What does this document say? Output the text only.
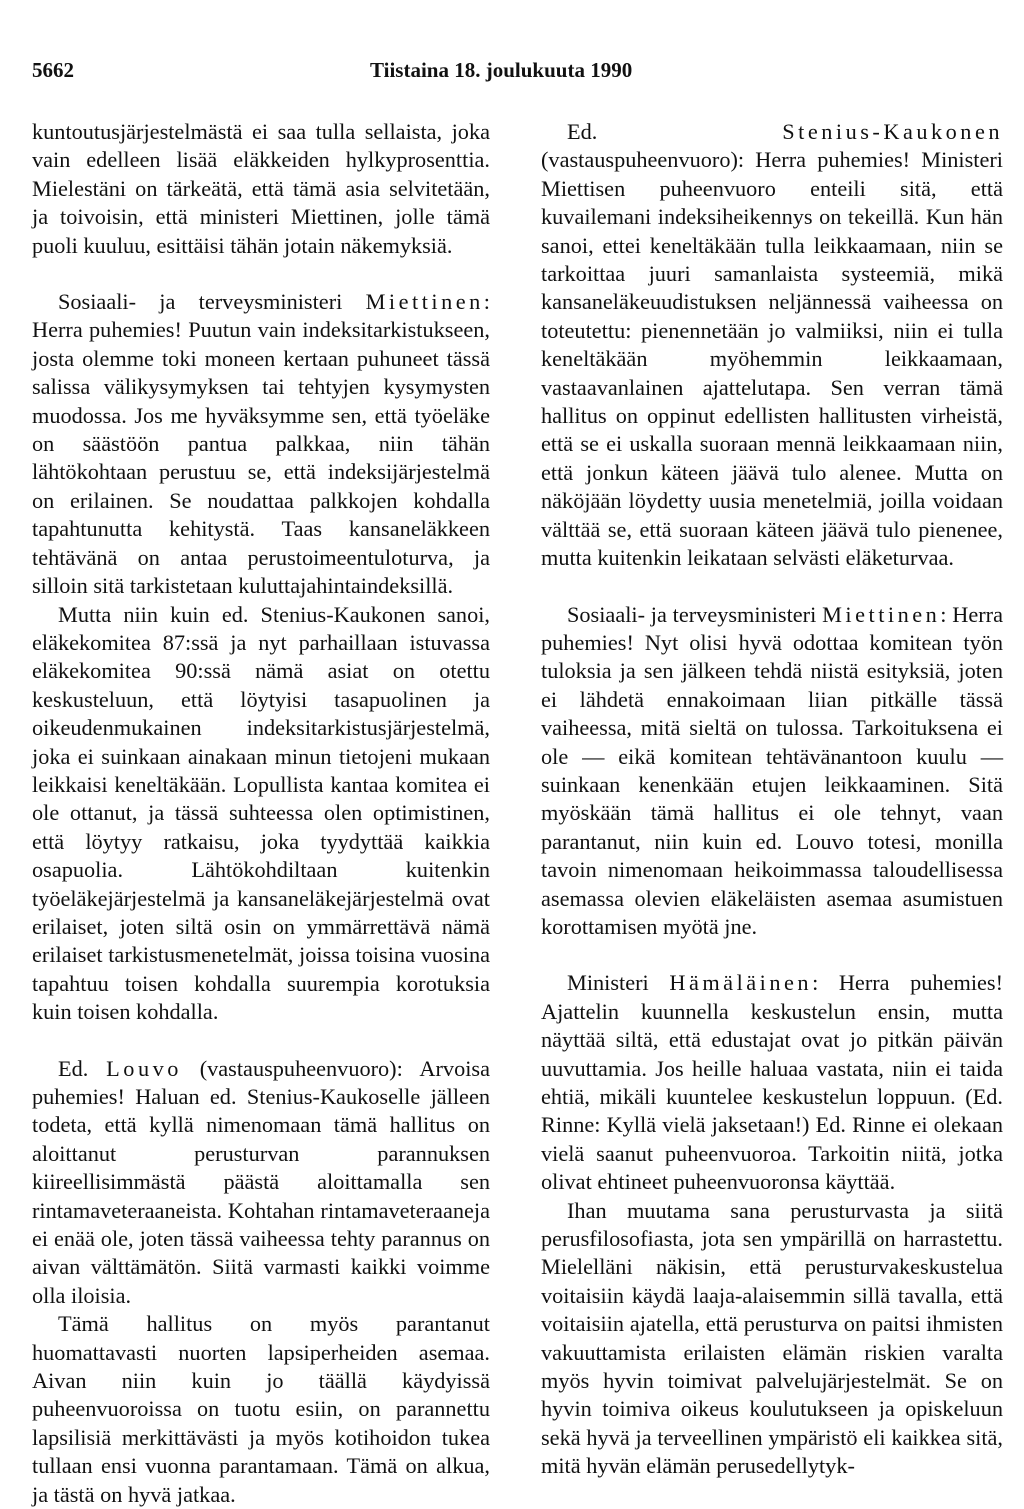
5662	Tiistaina 18. joulukuuta 1990

kuntoutusjärjestelmästä ei saa tulla sellaista, joka vain edelleen lisää eläkkeiden hylkyprosenttia. Mielestäni on tärkeätä, että tämä asia selvitetään, ja toivoisin, että ministeri Miettinen, jolle tämä puoli kuuluu, esittäisi tähän jotain näkemyksiä.

Sosiaali- ja terveysministeri Miettinen: Herra puhemies! Puutun vain indeksitarkistukseen, josta olemme toki moneen kertaan puhuneet tässä salissa välikysymyksen tai tehtyjen kysymysten muodossa. Jos me hyväksymme sen, että työeläke on säästöön pantua palkkaa, niin tähän lähtökohtaan perustuu se, että indeksijärjestelmä on erilainen. Se noudattaa palkkojen kohdalla tapahtunutta kehitystä. Taas kansaneläkkeen tehtävänä on antaa perustoimeentuloturva, ja silloin sitä tarkistetaan kuluttajahintaindeksillä.

Mutta niin kuin ed. Stenius-Kaukonen sanoi, eläkekomitea 87:ssä ja nyt parhaillaan istuvassa eläkekomitea 90:ssä nämä asiat on otettu keskusteluun, että löytyisi tasapuolinen ja oikeudenmukainen indeksitarkistusjärjestelmä, joka ei suinkaan ainakaan minun tietojeni mukaan leikkaisi keneltäkään. Lopullista kantaa komitea ei ole ottanut, ja tässä suhteessa olen optimistinen, että löytyy ratkaisu, joka tyydyttää kaikkia osapuolia. Lähtökohdiltaan kuitenkin työeläkejärjestelmä ja kansaneläkejärjestelmä ovat erilaiset, joten siltä osin on ymmärrettävä nämä erilaiset tarkistusmenetelmät, joissa toisina vuosina tapahtuu toisen kohdalla suurempia korotuksia kuin toisen kohdalla.

Ed. Louvo (vastauspuheenvuoro): Arvoisa puhemies! Haluan ed. Stenius-Kaukoselle jälleen todeta, että kyllä nimenomaan tämä hallitus on aloittanut perusturvan parannuksen kiireellisimmästä päästä aloittamalla sen rintamaveteraaneista. Kohtahan rintamaveteraaneja ei enää ole, joten tässä vaiheessa tehty parannus on aivan välttämätön. Siitä varmasti kaikki voimme olla iloisia.

Tämä hallitus on myös parantanut huomattavasti nuorten lapsiperheiden asemaa. Aivan niin kuin jo täällä käydyissä puheenvuoroissa on tuotu esiin, on parannettu lapsilisiä merkittävästi ja myös kotihoidon tukea tullaan ensi vuonna parantamaan. Tämä on alkua, ja tästä on hyvä jatkaa.

Ed.	Stenius-Kaukonen (vastauspuheenvuoro): Herra puhemies! Ministeri Miettisen puheenvuoro enteili sitä, että kuvailemani indeksiheikennys on tekeillä. Kun hän sanoi, ettei keneltäkään tulla leikkaamaan, niin se tarkoittaa juuri samanlaista systeemiä, mikä kansaneläkeuudistuksen neljännessä vaiheessa on toteutettu: pienennetään jo valmiiksi, niin ei tulla keneltäkään myöhemmin leikkaamaan, vastaavanlainen ajattelutapa. Sen verran tämä hallitus on oppinut edellisten hallitusten virheistä, että se ei uskalla suoraan mennä leikkaamaan niin, että jonkun käteen jäävä tulo alenee. Mutta on näköjään löydetty uusia menetelmiä, joilla voidaan välttää se, että suoraan käteen jäävä tulo pienenee, mutta kuitenkin leikataan selvästi eläketurvaa.

Sosiaali- ja terveysministeri Miettinen: Herra puhemies! Nyt olisi hyvä odottaa komitean työn tuloksia ja sen jälkeen tehdä niistä esityksiä, joten ei lähdetä ennakoimaan liian pitkälle tässä vaiheessa, mitä sieltä on tulossa. Tarkoituksena ei ole — eikä komitean tehtävänantoon kuulu — suinkaan kenenkään etujen leikkaaminen. Sitä myöskään tämä hallitus ei ole tehnyt, vaan parantanut, niin kuin ed. Louvo totesi, monilla tavoin nimenomaan heikoimmassa taloudellisessa asemassa olevien eläkeläisten asemaa asumistuen korottamisen myötä jne.

Ministeri Hämäläinen: Herra puhemies! Ajattelin kuunnella keskustelun ensin, mutta näyttää siltä, että edustajat ovat jo pitkän päivän uuvuttamia. Jos heille haluaa vastata, niin ei taida ehtiä, mikäli kuuntelee keskustelun loppuun. (Ed. Rinne: Kyllä vielä jaksetaan!) Ed. Rinne ei olekaan vielä saanut puheenvuoroa. Tarkoitin niitä, jotka olivat ehtineet puheenvuoronsa käyttää.

Ihan muutama sana perusturvasta ja siitä perusfilosofiasta, jota sen ympärillä on harrastettu. Mielelläni näkisin, että perusturvakeskustelua voitaisiin käydä laaja-alaisemmin sillä tavalla, että voitaisiin ajatella, että perusturva on paitsi ihmisten vakuuttamista erilaisten elämän riskien varalta myös hyvin toimivat palvelujärjestelmät. Se on hyvin toimiva oikeus koulutukseen ja opiskeluun sekä hyvä ja terveellinen ympäristö eli kaikkea sitä, mitä hyvän elämän perusedellytyk-
